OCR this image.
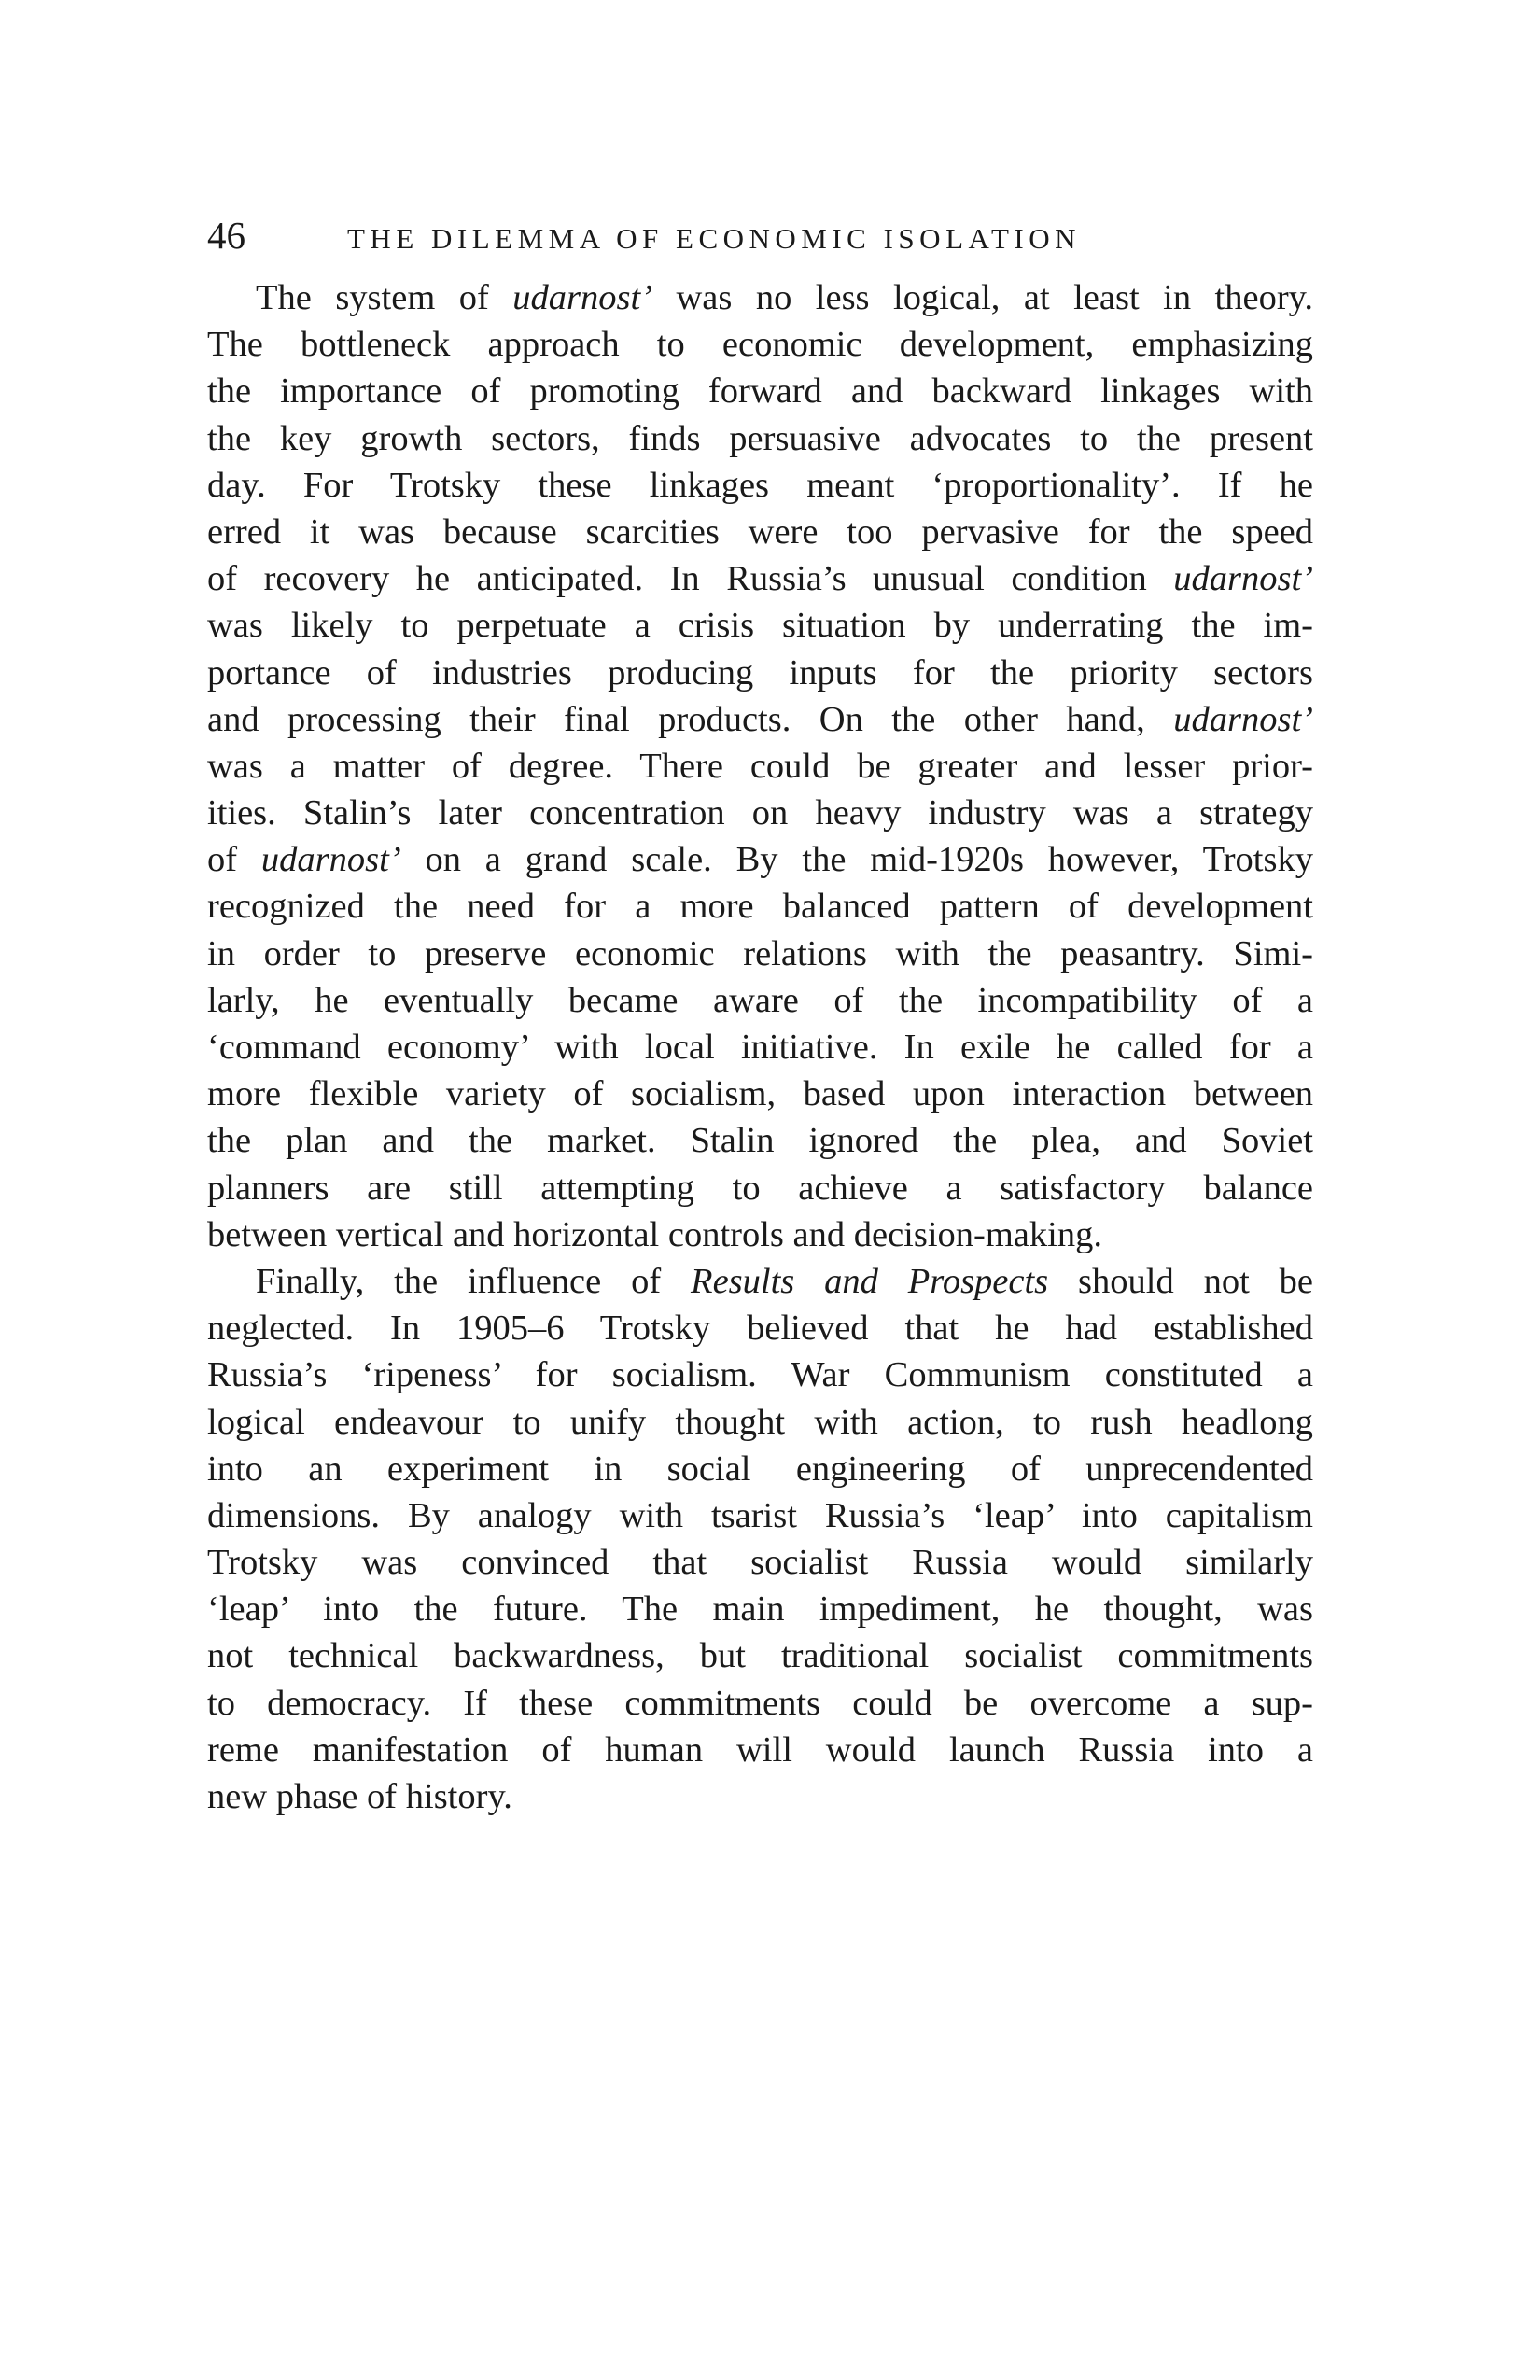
46	THE DILEMMA OF ECONOMIC ISOLATION
The system of udarnost’ was no less logical, at least in theory.
The bottleneck approach to economic development, emphasizing
the importance of promoting forward and backward linkages with
the key growth sectors, finds persuasive advocates to the present
day. For Trotsky these linkages meant ‘proportionality’. If he
erred it was because scarcities were too pervasive for the speed
of recovery he anticipated. In Russia’s unusual condition udarnost’
was likely to perpetuate a crisis situation by underrating the im-
portance of industries producing inputs for the priority sectors
and processing their final products. On the other hand, udarnost’
was a matter of degree. There could be greater and lesser prior-
ities. Stalin’s later concentration on heavy industry was a strategy
of udarnost’ on a grand scale. By the mid-1920s however, Trotsky
recognized the need for a more balanced pattern of development
in order to preserve economic relations with the peasantry. Simi-
larly, he eventually became aware of the incompatibility of a
‘command economy’ with local initiative. In exile he called for a
more flexible variety of socialism, based upon interaction between
the plan and the market. Stalin ignored the plea, and Soviet
planners are still attempting to achieve a satisfactory balance
between vertical and horizontal controls and decision-making.
Finally, the influence of Results and Prospects should not be
neglected. In 1905–6 Trotsky believed that he had established
Russia’s ‘ripeness’ for socialism. War Communism constituted a
logical endeavour to unify thought with action, to rush headlong
into an experiment in social engineering of unprecendented
dimensions. By analogy with tsarist Russia’s ‘leap’ into capitalism
Trotsky was convinced that socialist Russia would similarly
‘leap’ into the future. The main impediment, he thought, was
not technical backwardness, but traditional socialist commitments
to democracy. If these commitments could be overcome a sup-
reme manifestation of human will would launch Russia into a
new phase of history.
